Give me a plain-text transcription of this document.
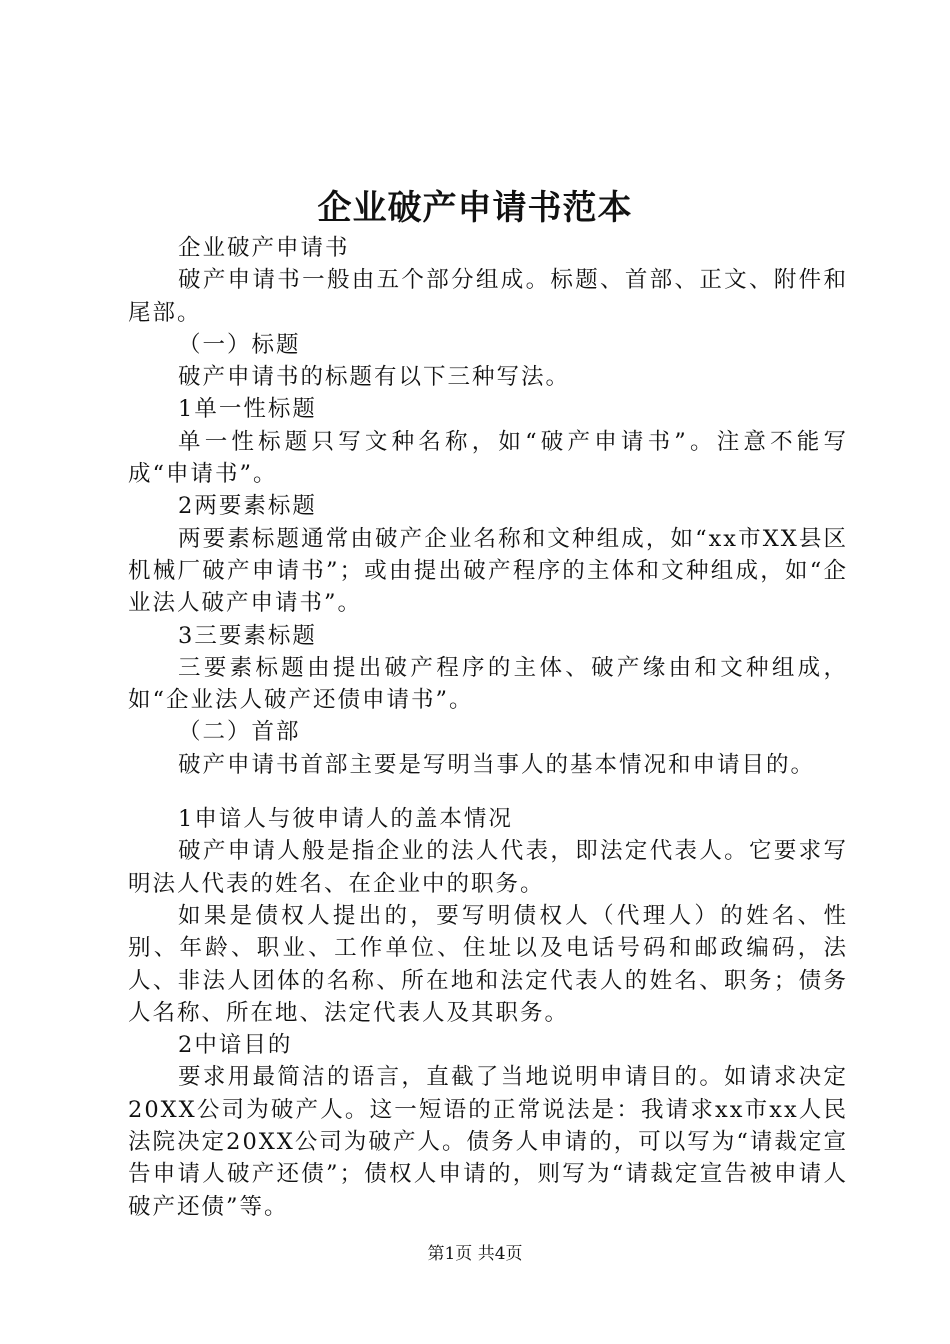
企业破产申请书范本

企业破产申请书

破产申请书一般由五个部分组成。标题、首部、正文、附件和尾部。

（一）标题

破产申请书的标题有以下三种写法。

1单一性标题

单一性标题只写文种名称，如“破产申请书”。注意不能写成“申请书”。

2两要素标题

两要素标题通常由破产企业名称和文种组成，如“xx市XX县区机械厂破产申请书”；或由提出破产程序的主体和文种组成，如“企业法人破产申请书”。

3三要素标题

三要素标题由提出破产程序的主体、破产缘由和文种组成，如“企业法人破产还债申请书”。

（二）首部

破产申请书首部主要是写明当事人的基本情况和申请目的。

1申谙人与彼申请人的盖本情况

破产申请人般是指企业的法人代表，即法定代表人。它要求写明法人代表的姓名、在企业中的职务。

如果是债权人提出的，要写明债权人（代理人）的姓名、性别、年龄、职业、工作单位、住址以及电话号码和邮政编码，法人、非法人团体的名称、所在地和法定代表人的姓名、职务；债务人名称、所在地、法定代表人及其职务。

2中谙目的

要求用最简洁的语言，直截了当地说明申请目的。如请求决定20XX公司为破产人。这一短语的正常说法是：我请求xx市xx人民法院决定20XX公司为破产人。债务人申请的，可以写为“请裁定宣告申请人破产还债”；债权人申请的，则写为“请裁定宣告被申请人破产还债”等。

第1页 共4页
